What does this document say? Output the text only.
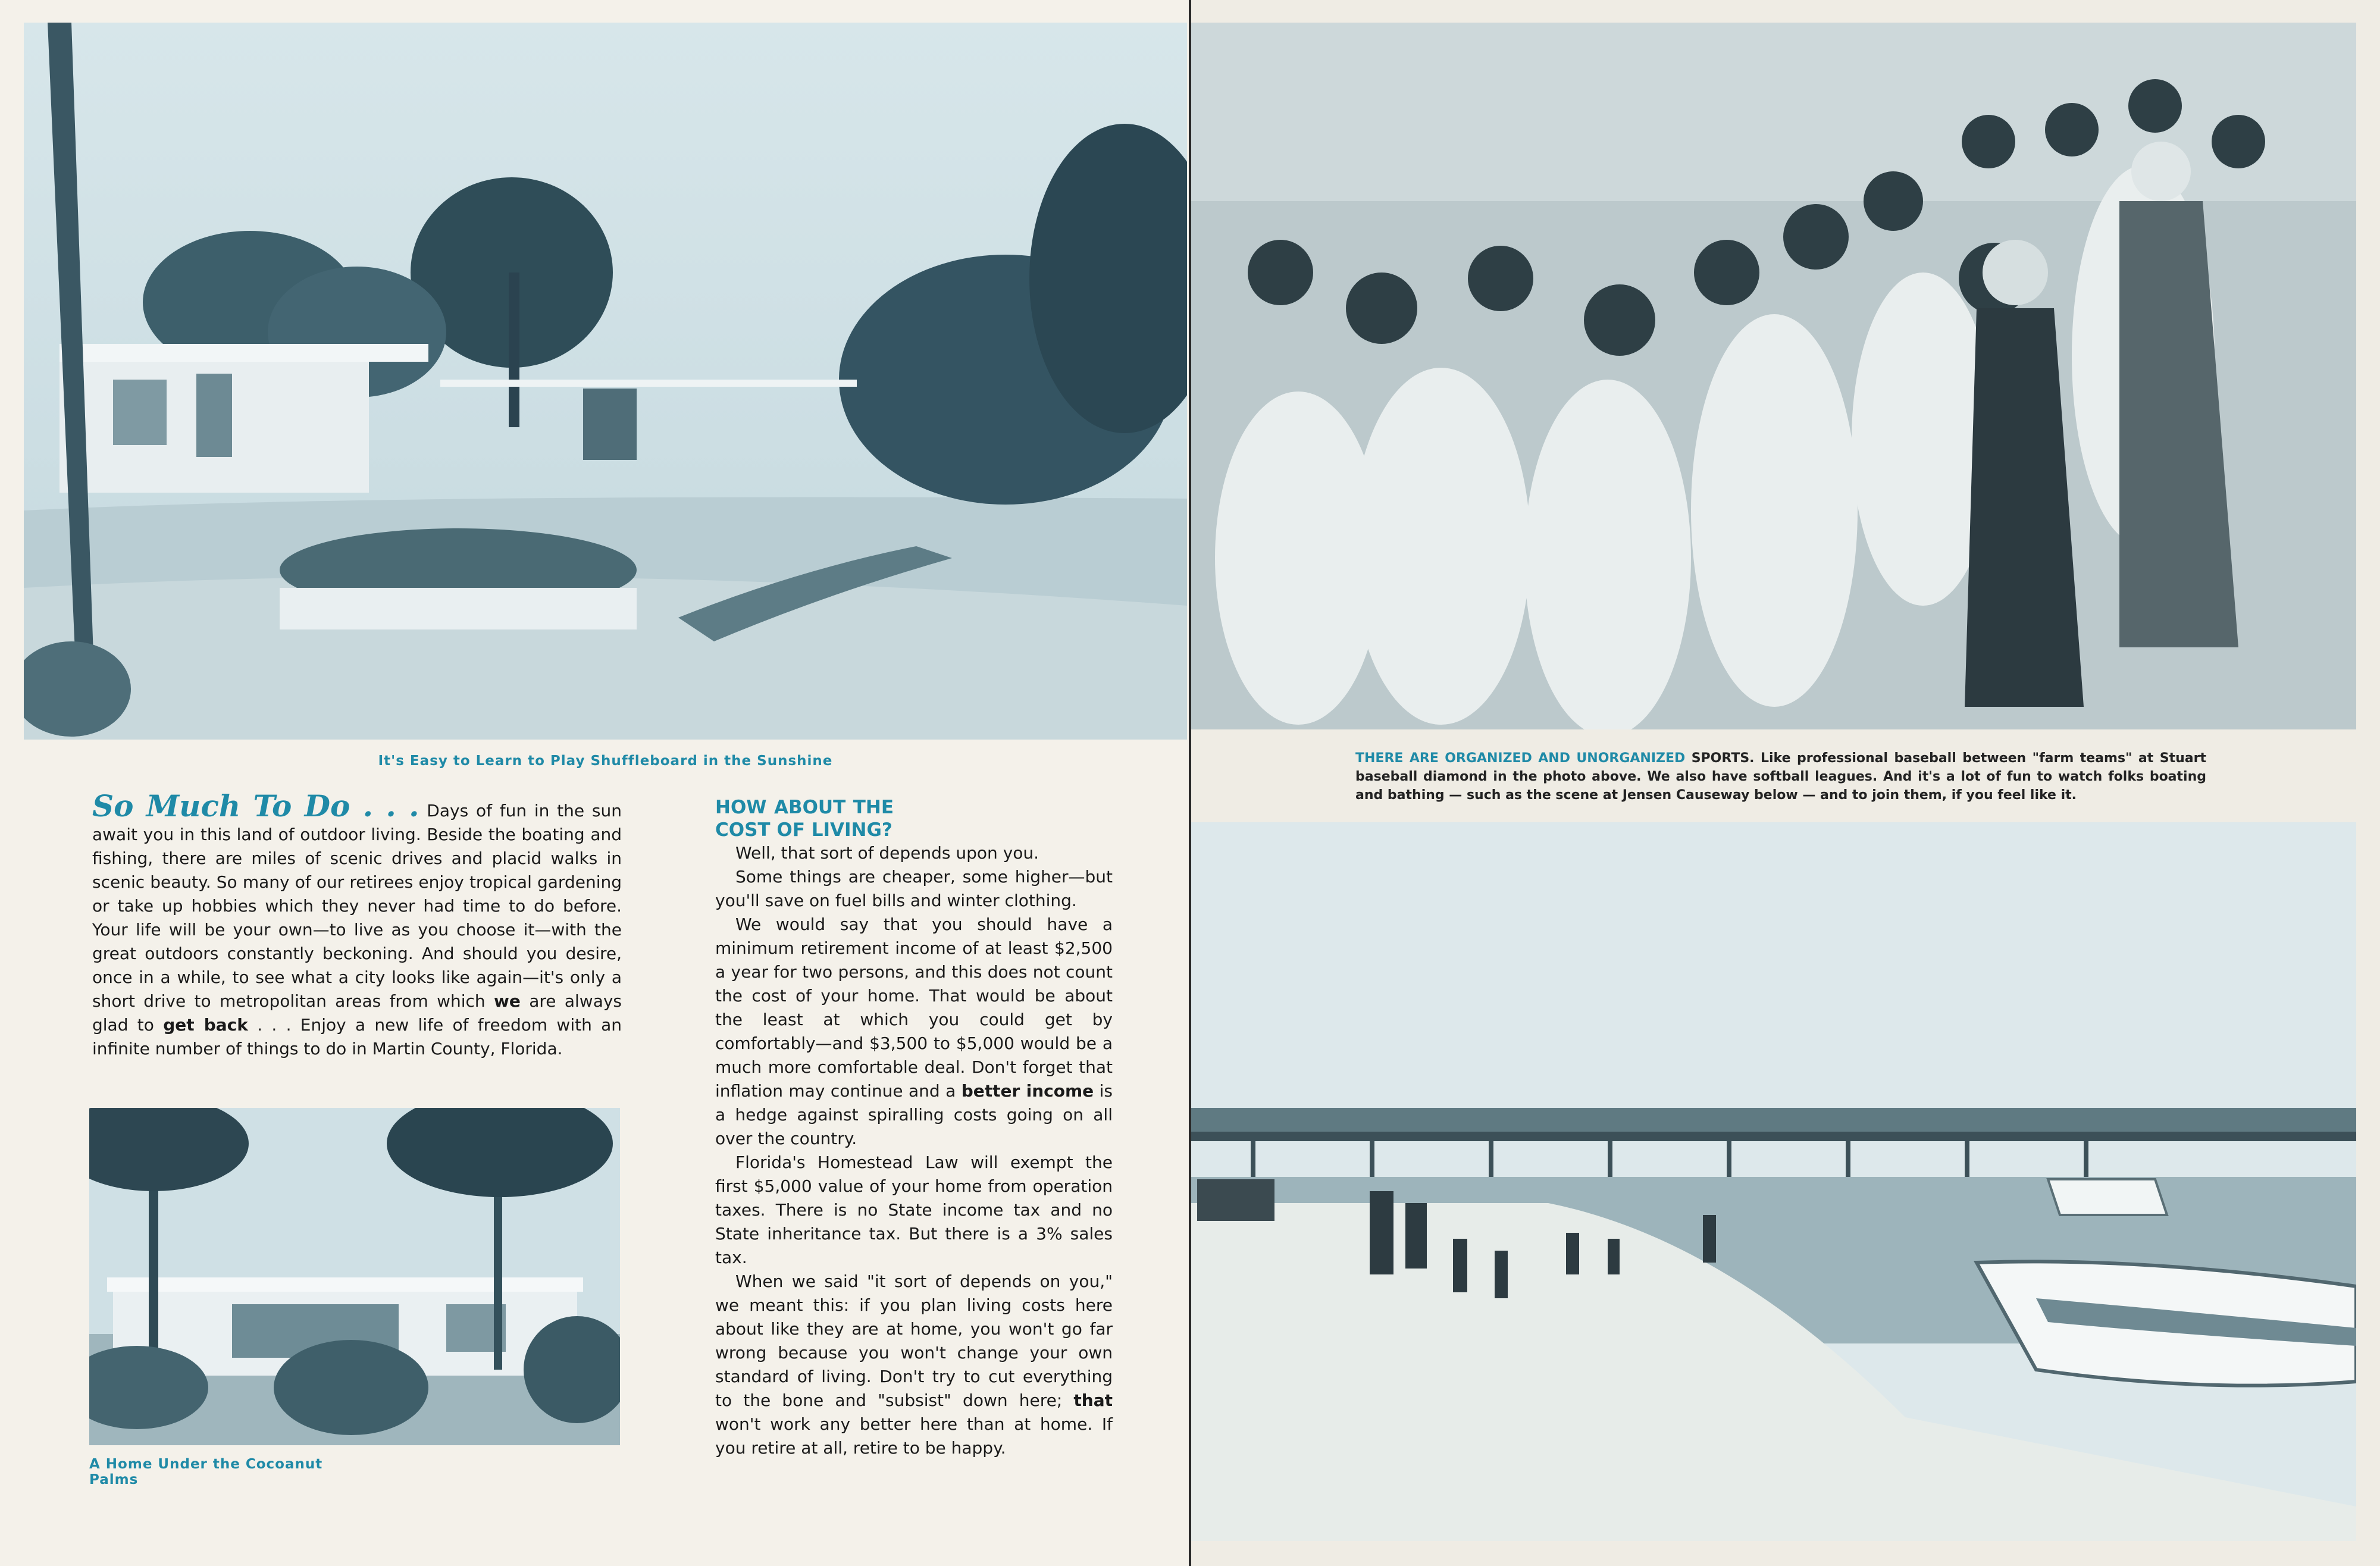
It's Easy to Learn to Play Shuffleboard in the Sunshine

So Much To Do . . . Days of fun in the sun await you in this land of outdoor living. Beside the boating and fishing, there are miles of scenic drives and placid walks in scenic beauty. So many of our retirees enjoy tropical gardening or take up hobbies which they never had time to do before. Your life will be your own—to live as you choose it—with the great outdoors constantly beckoning. And should you desire, once in a while, to see what a city looks like again—it's only a short drive to metropolitan areas from which we are always glad to get back . . . Enjoy a new life of freedom with an infinite number of things to do in Martin County, Florida.

A Home Under the Cocoanut Palms

HOW ABOUT THE COST OF LIVING?

Well, that sort of depends upon you.

Some things are cheaper, some higher—but you'll save on fuel bills and winter clothing.

We would say that you should have a minimum retirement income of at least $2,500 a year for two persons, and this does not count the cost of your home. That would be about the least at which you could get by comfortably—and $3,500 to $5,000 would be a much more comfortable deal. Don't forget that inflation may continue and a better income is a hedge against spiralling costs going on all over the country.

Florida's Homestead Law will exempt the first $5,000 value of your home from operation taxes. There is no State income tax and no State inheritance tax. But there is a 3% sales tax.

When we said "it sort of depends on you," we meant this: if you plan living costs here about like they are at home, you won't go far wrong because you won't change your own standard of living. Don't try to cut everything to the bone and "subsist" down here; that won't work any better here than at home. If you retire at all, retire to be happy.

THERE ARE ORGANIZED AND UNORGANIZED SPORTS. Like professional baseball between "farm teams" at Stuart baseball diamond in the photo above. We also have softball leagues. And it's a lot of fun to watch folks boating and bathing — such as the scene at Jensen Causeway below — and to join them, if you feel like it.
